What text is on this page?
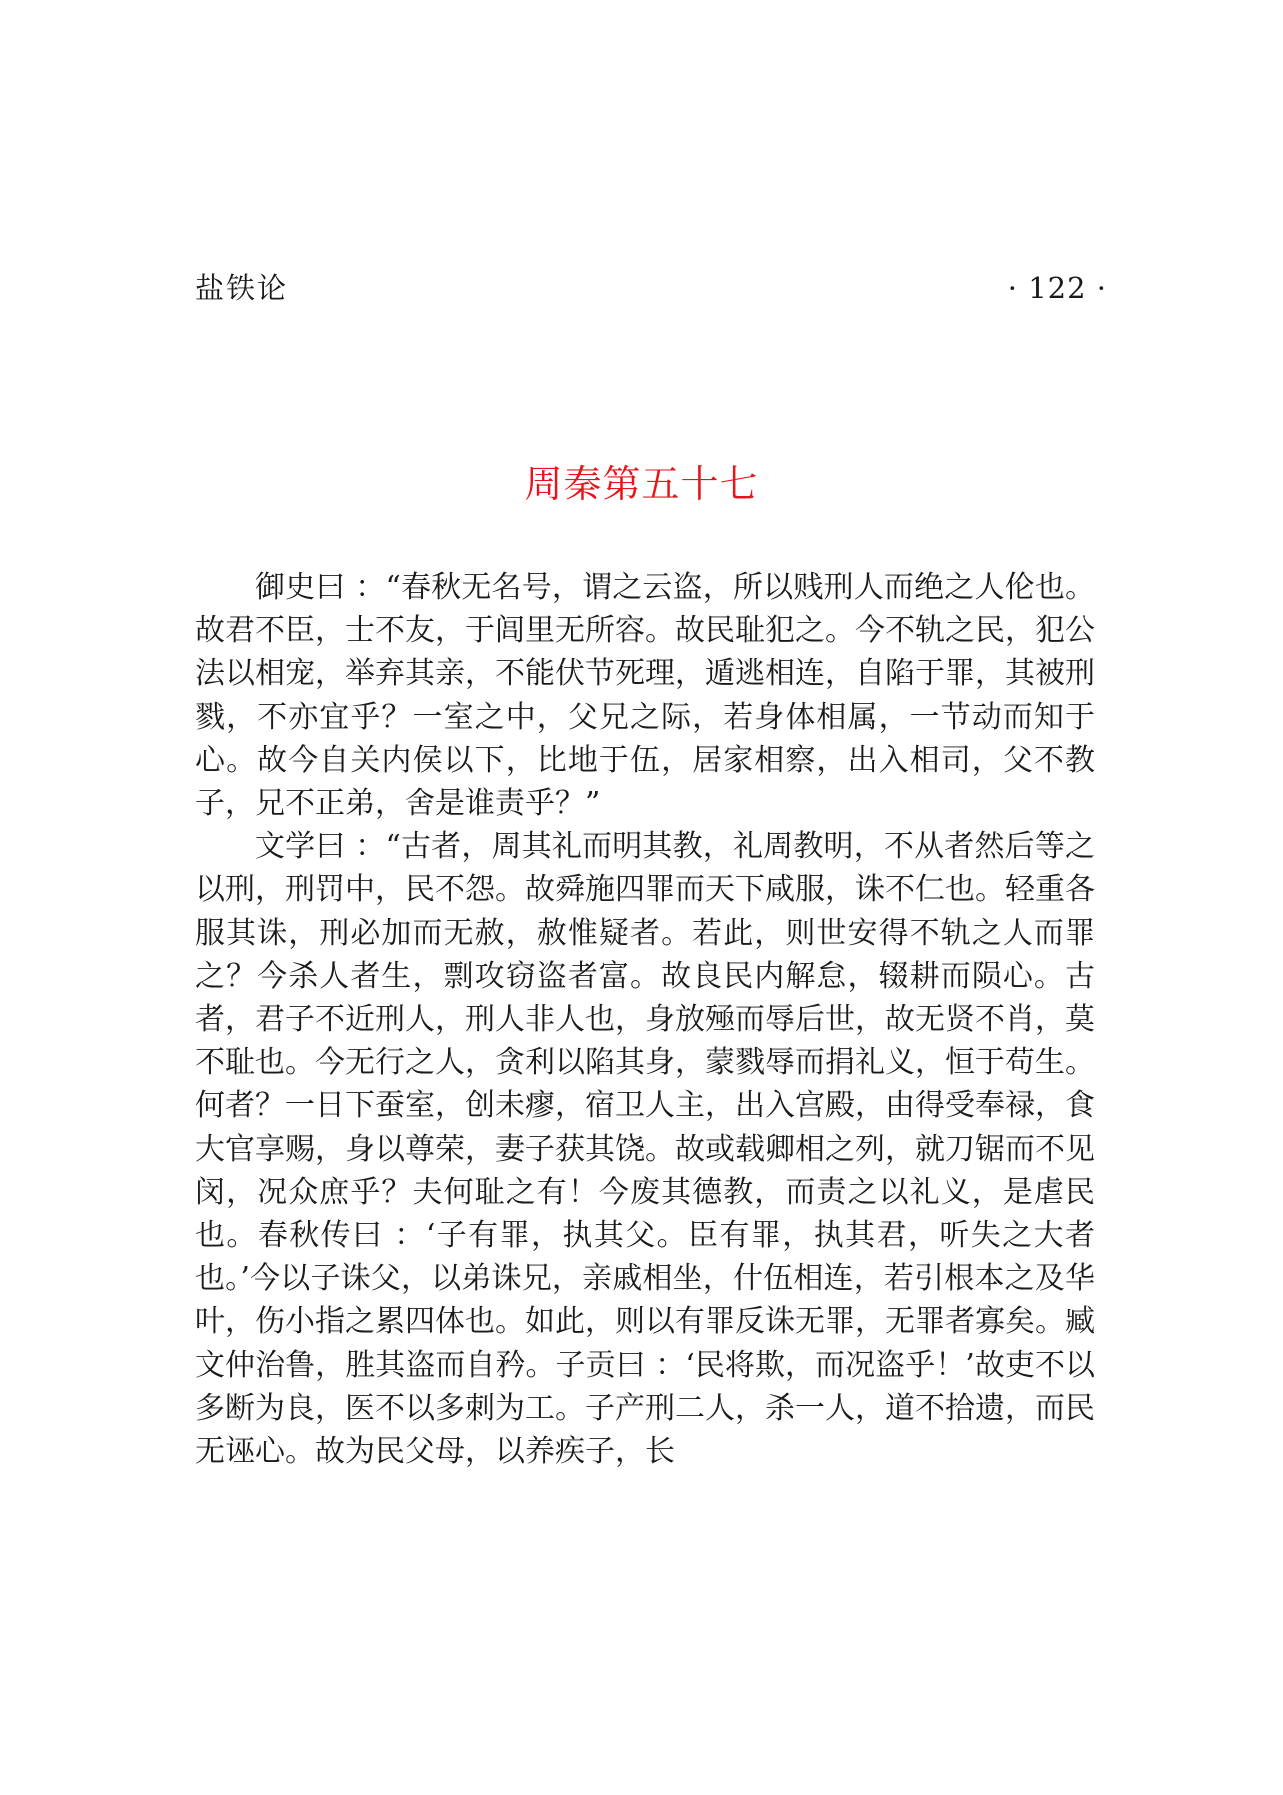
盐铁论	· 122 ·
周秦第五十七

御史曰 ：“春秋无名号，谓之云盗，所以贱刑人而绝之人伦也。故君不臣，士不友，于闾里无所容。故民耻犯之。今不轨之民，犯公法以相宠，举弃其亲，不能伏节死理，遁逃相连，自陷于罪，其被刑戮，不亦宜乎？一室之中，父兄之际，若身体相属，一节动而知于心。故今自关内侯以下，比地于伍，居家相察，出入相司，父不教子，兄不正弟，舍是谁责乎？”

文学曰 ：“古者，周其礼而明其教，礼周教明，不从者然后等之以刑，刑罚中，民不怨。故舜施四罪而天下咸服，诛不仁也。轻重各服其诛，刑必加而无赦，赦惟疑者。若此，则世安得不轨之人而罪之？今杀人者生，剽攻窃盗者富。故良民内解怠，辍耕而陨心。古者，君子不近刑人，刑人非人也，身放殛而辱后世，故无贤不肖，莫不耻也。今无行之人，贪利以陷其身，蒙戮辱而捐礼义，恒于苟生。何者？一日下蚕室，创未瘳，宿卫人主，出入宫殿，由得受奉禄，食大官享赐，身以尊荣，妻子获其饶。故或载卿相之列，就刀锯而不见闵，况众庶乎？夫何耻之有！今废其德教，而责之以礼义，是虐民也。春秋传曰 ：‘子有罪，执其父。臣有罪，执其君，听失之大者也。’今以子诛父，以弟诛兄，亲戚相坐，什伍相连，若引根本之及华叶，伤小指之累四体也。如此，则以有罪反诛无罪，无罪者寡矣。臧文仲治鲁，胜其盗而自矜。子贡曰 ：‘民将欺，而况盗乎！’故吏不以多断为良，医不以多刺为工。子产刑二人，杀一人，道不拾遗，而民无诬心。故为民父母，以养疾子，长
